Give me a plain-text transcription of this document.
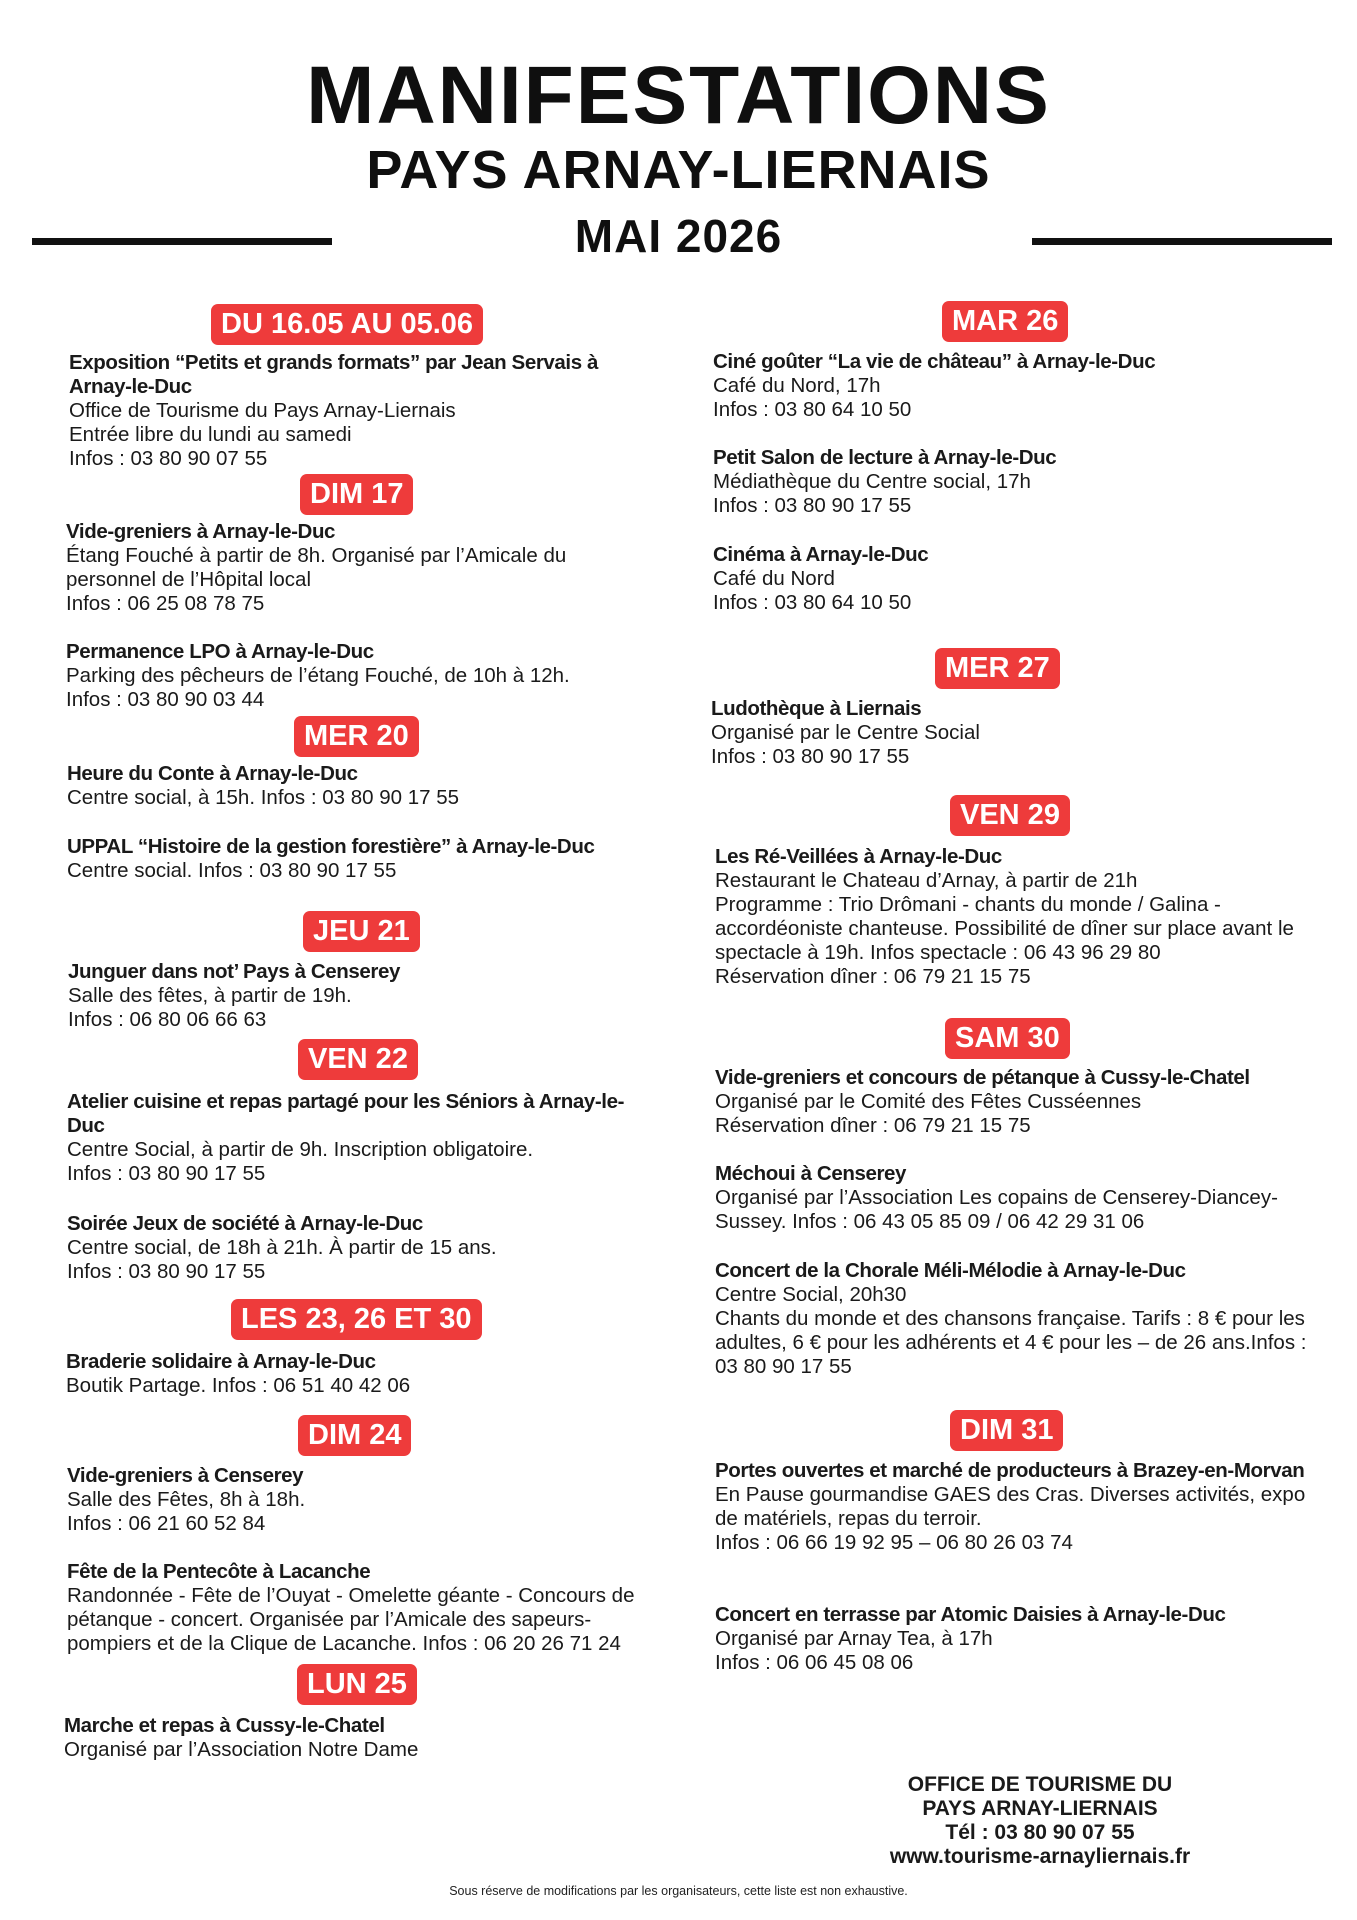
MANIFESTATIONS
PAYS ARNAY-LIERNAIS
MAI 2026
DU 16.05 AU 05.06
Exposition “Petits et grands formats” par Jean Servais à Arnay-le-Duc
Office de Tourisme du Pays Arnay-Liernais
Entrée libre du lundi au samedi
Infos : 03 80 90 07 55
DIM 17
Vide-greniers à Arnay-le-Duc
Étang Fouché à partir de 8h. Organisé par l’Amicale du personnel de l’Hôpital local
Infos : 06 25 08 78 75
Permanence LPO à Arnay-le-Duc
Parking des pêcheurs de l’étang Fouché, de 10h à 12h.
Infos : 03 80 90 03 44
MER 20
Heure du Conte à Arnay-le-Duc
Centre social, à 15h. Infos : 03 80 90 17 55
UPPAL “Histoire de la gestion forestière” à Arnay-le-Duc
Centre social. Infos : 03 80 90 17 55
JEU 21
Junguer dans not’ Pays à Censerey
Salle des fêtes, à partir de 19h.
Infos : 06 80 06 66 63
VEN 22
Atelier cuisine et repas partagé pour les Séniors à Arnay-le-Duc
Centre Social, à partir de 9h. Inscription obligatoire.
Infos : 03 80 90 17 55
Soirée Jeux de société à Arnay-le-Duc
Centre social, de 18h à 21h. À partir de 15 ans.
Infos : 03 80 90 17 55
LES 23, 26 ET 30
Braderie solidaire à Arnay-le-Duc
Boutik Partage. Infos : 06 51 40 42 06
DIM 24
Vide-greniers à Censerey
Salle des Fêtes, 8h à 18h.
Infos : 06 21 60 52 84
Fête de la Pentecôte à Lacanche
Randonnée - Fête de l’Ouyat - Omelette géante - Concours de pétanque - concert. Organisée par l’Amicale des sapeurs-pompiers et de la Clique de Lacanche. Infos : 06 20 26 71 24
LUN 25
Marche et repas à Cussy-le-Chatel
Organisé par l’Association Notre Dame
MAR 26
Ciné goûter “La vie de château” à Arnay-le-Duc
Café du Nord, 17h
Infos : 03 80 64 10 50
Petit Salon de lecture à Arnay-le-Duc
Médiathèque du Centre social, 17h
Infos : 03 80 90 17 55
Cinéma à Arnay-le-Duc
Café du Nord
Infos : 03 80 64 10 50
MER 27
Ludothèque à Liernais
Organisé par le Centre Social
Infos : 03 80 90 17 55
VEN 29
Les Ré-Veillées à Arnay-le-Duc
Restaurant le Chateau d’Arnay, à partir de 21h
Programme : Trio Drômani - chants du monde / Galina - accordéoniste chanteuse. Possibilité de dîner sur place avant le spectacle à 19h. Infos spectacle : 06 43 96 29 80
Réservation dîner : 06 79 21 15 75
SAM 30
Vide-greniers et concours de pétanque à Cussy-le-Chatel
Organisé par le Comité des Fêtes Cusséennes
Réservation dîner : 06 79 21 15 75
Méchoui à Censerey
Organisé par l’Association Les copains de Censerey-Diancey-Sussey. Infos : 06 43 05 85 09 / 06 42 29 31 06
Concert de la Chorale Méli-Mélodie à Arnay-le-Duc
Centre Social, 20h30
Chants du monde et des chansons française. Tarifs : 8 € pour les adultes, 6 € pour les adhérents et 4 € pour les – de 26 ans.Infos : 03 80 90 17 55
DIM 31
Portes ouvertes et marché de producteurs à Brazey-en-Morvan
En Pause gourmandise GAES des Cras. Diverses activités, expo de matériels, repas du terroir.
Infos : 06 66 19 92 95 – 06 80 26 03 74
Concert en terrasse par Atomic Daisies à Arnay-le-Duc
Organisé par Arnay Tea, à 17h
Infos : 06 06 45 08 06
OFFICE DE TOURISME DU
PAYS ARNAY-LIERNAIS
Tél : 03 80 90 07 55
www.tourisme-arnayliernais.fr
Sous réserve de modifications par les organisateurs, cette liste est non exhaustive.
